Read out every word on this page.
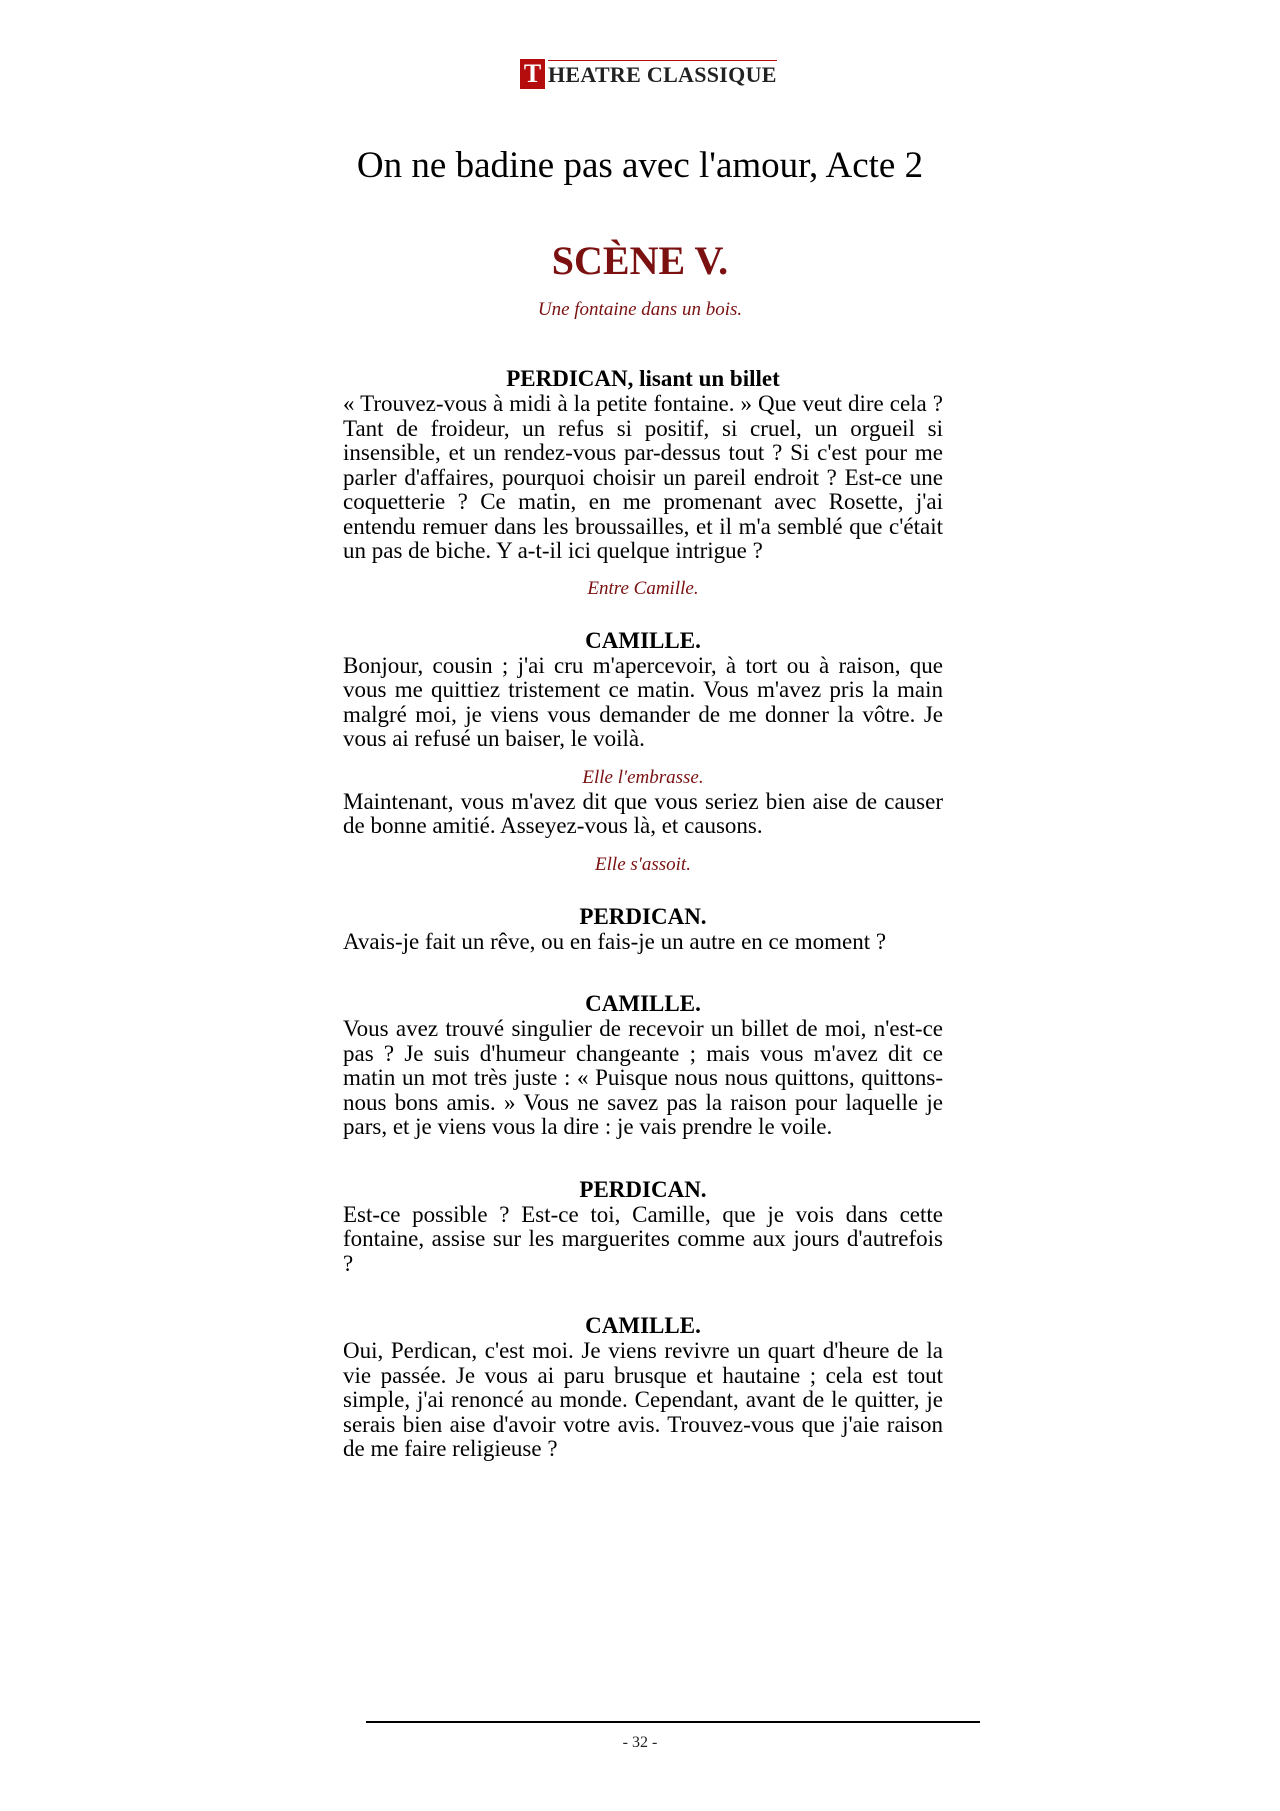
T HEATRE CLASSIQUE
On ne badine pas avec l'amour, Acte 2
SCÈNE V.
Une fontaine dans un bois.

PERDICAN, lisant un billet

« Trouvez-vous à midi à la petite fontaine. » Que veut dire cela ? Tant de froideur, un refus si positif, si cruel, un orgueil si insensible, et un rendez-vous par-dessus tout ? Si c'est pour me parler d'affaires, pourquoi choisir un pareil endroit ? Est-ce une coquetterie ? Ce matin, en me promenant avec Rosette, j'ai entendu remuer dans les broussailles, et il m'a semblé que c'était un pas de biche. Y a-t-il ici quelque intrigue ?

Entre Camille.

CAMILLE.

Bonjour, cousin ; j'ai cru m'apercevoir, à tort ou à raison, que vous me quittiez tristement ce matin. Vous m'avez pris la main malgré moi, je viens vous demander de me donner la vôtre. Je vous ai refusé un baiser, le voilà.

Elle l'embrasse.

Maintenant, vous m'avez dit que vous seriez bien aise de causer de bonne amitié. Asseyez-vous là, et causons.

Elle s'assoit.

PERDICAN.

Avais-je fait un rêve, ou en fais-je un autre en ce moment ?

CAMILLE.

Vous avez trouvé singulier de recevoir un billet de moi, n'est-ce pas ? Je suis d'humeur changeante ; mais vous m'avez dit ce matin un mot très juste : « Puisque nous nous quittons, quittons-nous bons amis. » Vous ne savez pas la raison pour laquelle je pars, et je viens vous la dire : je vais prendre le voile.

PERDICAN.

Est-ce possible ? Est-ce toi, Camille, que je vois dans cette fontaine, assise sur les marguerites comme aux jours d'autrefois ?

CAMILLE.

Oui, Perdican, c'est moi. Je viens revivre un quart d'heure de la vie passée. Je vous ai paru brusque et hautaine ; cela est tout simple, j'ai renoncé au monde. Cependant, avant de le quitter, je serais bien aise d'avoir votre avis. Trouvez-vous que j'aie raison de me faire religieuse ?

- 32 -
